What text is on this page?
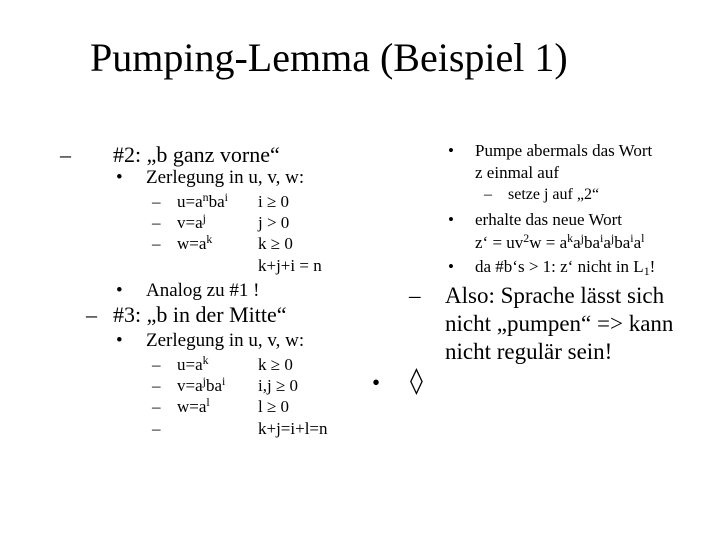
Pumping-Lemma (Beispiel 1)
– #2: „b ganz vorne“
• Zerlegung in u, v, w:
– $u=a^nba^i$ i ≥ 0
– $v=a^j$	j > 0
– $w=a^k$	k ≥ 0
k+j+i = n
• Analog zu #1 !
– #3: „b in der Mitte“
• Zerlegung in u, v, w:
– $u=a^k$	k ≥ 0
– $v=a^jba^i$ i,j ≥ 0
– $w=a^l$	l ≥ 0
–	k+j=i+l=n
• Pumpe abermals das Wort
z einmal auf
– setze j auf „2“
• erhalte das neue Wort
z‘ = $uv^2w = a^ka^jba^ia^jba^ia^l$
• da #b‘s > 1: z‘ nicht in $L_1$!
– Also: Sprache lässt sich
nicht „pumpen“ => kann
nicht regulär sein!
• ◊
